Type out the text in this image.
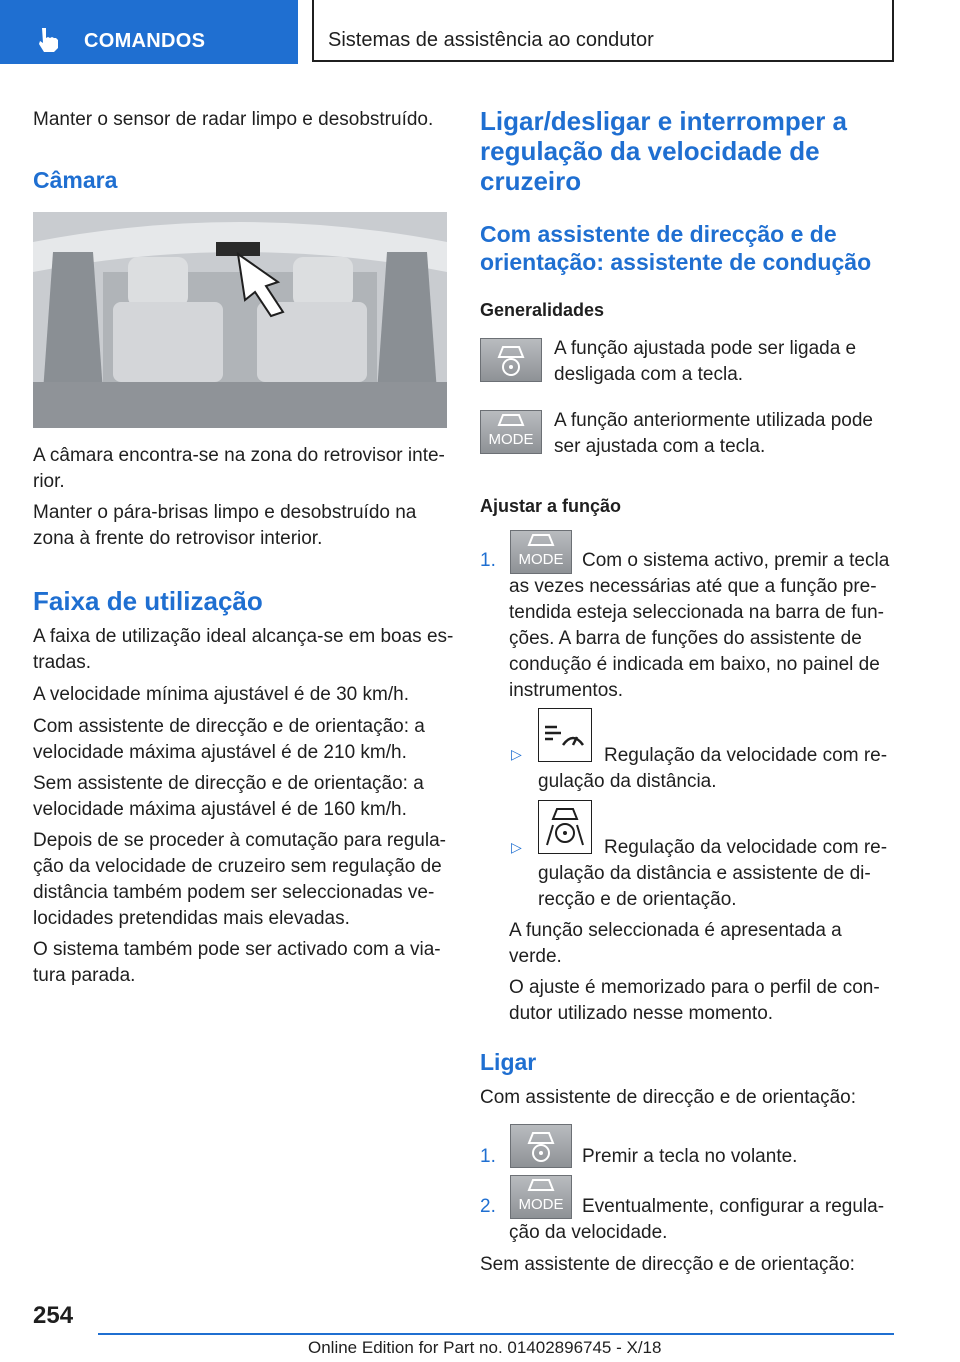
COMANDOS	Sistemas de assistência ao condutor

Manter o sensor de radar limpo e desobstruído.

Câmara

A câmara encontra-se na zona do retrovisor inte-

rior.

Manter o pára-brisas limpo e desobstruído na

zona à frente do retrovisor interior.

Faixa de utilização

A faixa de utilização ideal alcança-se em boas es-

tradas.

A velocidade mínima ajustável é de 30 km/h.

Com assistente de direcção e de orientação: a

velocidade máxima ajustável é de 210 km/h.

Sem assistente de direcção e de orientação: a

velocidade máxima ajustável é de 160 km/h.

Depois de se proceder à comutação para regula-

ção da velocidade de cruzeiro sem regulação de

distância também podem ser seleccionadas ve-

locidades pretendidas mais elevadas.

O sistema também pode ser activado com a via-

tura parada.

Ligar/desligar e interromper a
regulação da velocidade de
cruzeiro
Com assistente de direcção e de
orientação: assistente de condução
Generalidades

A função ajustada pode ser ligada e

desligada com a tecla.

MODE

A função anteriormente utilizada pode

ser ajustada com a tecla.

Ajustar a função

1.	MODE Com o sistema activo, premir a tecla

as vezes necessárias até que a função pre-

tendida esteja seleccionada na barra de fun-

ções. A barra de funções do assistente de

condução é indicada em baixo, no painel de

instrumentos.

▷	Regulação da velocidade com re-

gulação da distância.

▷	Regulação da velocidade com re-

gulação da distância e assistente de di-

recção e de orientação.

A função seleccionada é apresentada a

verde.

O ajuste é memorizado para o perfil de con-

dutor utilizado nesse momento.

Ligar

Com assistente de direcção e de orientação:

1.	Premir a tecla no volante.

2.	MODE Eventualmente, configurar a regula-

ção da velocidade.

Sem assistente de direcção e de orientação:

254
Online Edition for Part no. 01402896745 - X/18
